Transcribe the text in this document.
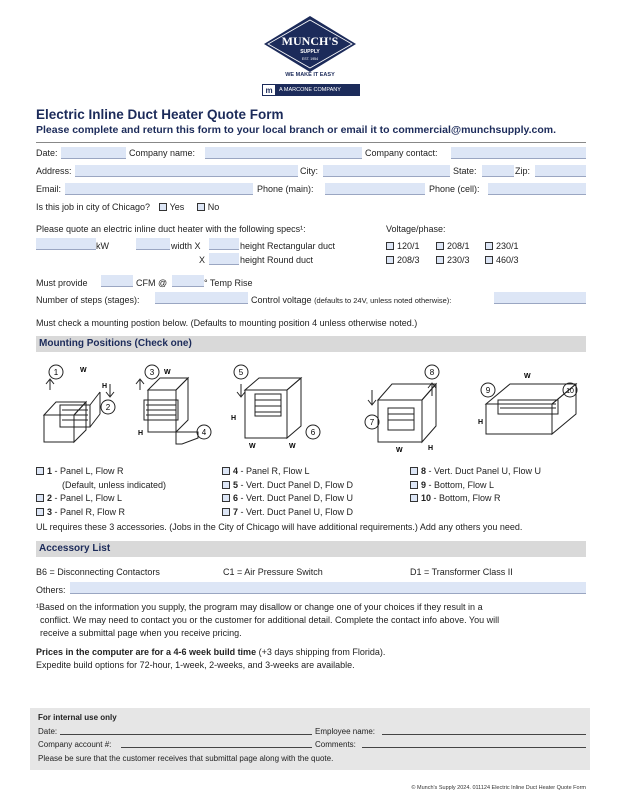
MUNCH'S
SUPPLY
EST. 1954
WE MAKE IT EASY
m	A MARCONE COMPANY
Electric Inline Duct Heater Quote Form
Please complete and return this form to your local branch or email it to commercial@munchsupply.com.
Date:	Company name:	Company contact:
Address:	City:	State:	Zip:
Email:	Phone (main):	Phone (cell):
Is this job in city of Chicago? Yes	No
Please quote an electric inline duct heater with the following specs¹:	Voltage/phase:
kW	width X	height Rectangular duct
X	height Round duct
120/1	208/1	230/1
208/3	230/3	460/3
Must provide	CFM @	° Temp Rise
Number of steps (stages):	Control voltage (defaults to 24V, unless noted otherwise):
Must check a mounting postion below. (Defaults to mounting position 4 unless otherwise noted.)
Mounting Positions (Check one)
1
2
W
H
3
4
W
H
5
6
W	W
H
8
7
W	H
9	10
W
H
1 - Panel L, Flow R
(Default, unless indicated)
2 - Panel L, Flow L
3 - Panel R, Flow R
4 - Panel R, Flow L
5 - Vert. Duct Panel D, Flow D
6 - Vert. Duct Panel D, Flow U
7 - Vert. Duct Panel U, Flow D
8 - Vert. Duct Panel U, Flow U
9 - Bottom, Flow L
10 - Bottom, Flow R
UL requires these 3 accessories. (Jobs in the City of Chicago will have additional requirements.) Add any others you need.
Accessory List
B6 = Disconnecting Contactors	C1 = Air Pressure Switch	D1 = Transformer Class II
Others:
¹Based on the information you supply, the program may disallow or change one of your choices if they result in a
conflict. We may need to contact you or the customer for additional detail. Complete the contact info above. You will
receive a submittal page when you receive pricing.
Prices in the computer are for a 4-6 week build time (+3 days shipping from Florida).
Expedite build options for 72-hour, 1-week, 2-weeks, and 3-weeks are available.
For internal use only
Date:	Employee name:
Company account #:	Comments:
Please be sure that the customer receives that submittal page along with the quote.
© Munch's Supply 2024. 011124 Electric Inline Duct Heater Quote Form
